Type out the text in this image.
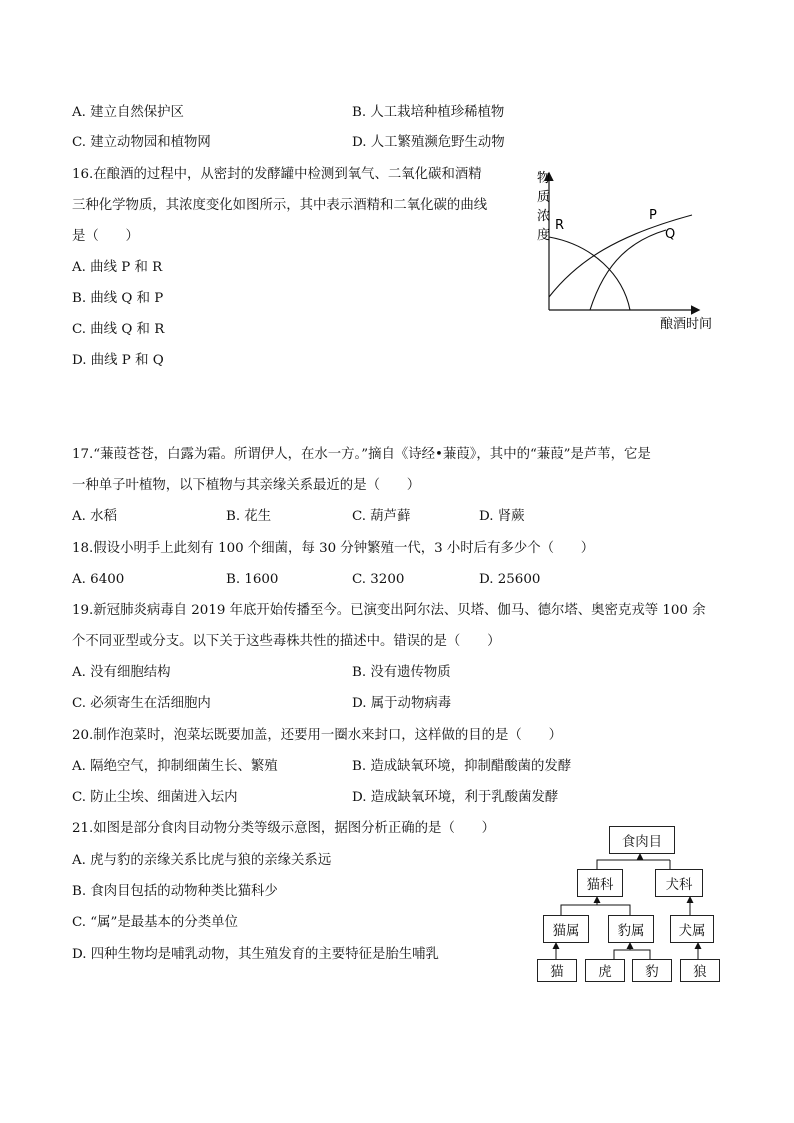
A. 建立自然保护区	B. 人工栽培种植珍稀植物
C. 建立动物园和植物网	D. 人工繁殖濒危野生动物
16.在酿酒的过程中，从密封的发酵罐中检测到氧气、二氧化碳和酒精
三种化学物质，其浓度变化如图所示，其中表示酒精和二氧化碳的曲线
是（　　）
A. 曲线 P 和 R
B. 曲线 Q 和 P
C. 曲线 Q 和 R
D. 曲线 P 和 Q
物
质
浓
度
R
P
Q
酿酒时间
17.“蒹葭苍苍，白露为霜。所谓伊人，在水一方。”摘自《诗经•蒹葭》，其中的“蒹葭”是芦苇，它是
一种单子叶植物，以下植物与其亲缘关系最近的是（　　）
A. 水稻	B. 花生	C. 葫芦藓	D. 肾蕨
18.假设小明手上此刻有 100 个细菌，每 30 分钟繁殖一代，3 小时后有多少个（　　）
A. 6400	B. 1600	C. 3200	D. 25600
19.新冠肺炎病毒自 2019 年底开始传播至今。已演变出阿尔法、贝塔、伽马、德尔塔、奥密克戎等 100 余
个不同亚型或分支。以下关于这些毒株共性的描述中。错误的是（　　）
A. 没有细胞结构	B. 没有遗传物质
C. 必须寄生在活细胞内	D. 属于动物病毒
20.制作泡菜时，泡菜坛既要加盖，还要用一圈水来封口，这样做的目的是（　　）
A. 隔绝空气，抑制细菌生长、繁殖	B. 造成缺氧环境，抑制醋酸菌的发酵
C. 防止尘埃、细菌进入坛内	D. 造成缺氧环境，利于乳酸菌发酵
21.如图是部分食肉目动物分类等级示意图，据图分析正确的是（　　）
A. 虎与豹的亲缘关系比虎与狼的亲缘关系远
B. 食肉目包括的动物种类比猫科少
C. “属”是最基本的分类单位
D. 四种生物均是哺乳动物，其生殖发育的主要特征是胎生哺乳
食肉目
猫科	犬科
猫属	豹属	犬属
猫	虎	豹	狼
